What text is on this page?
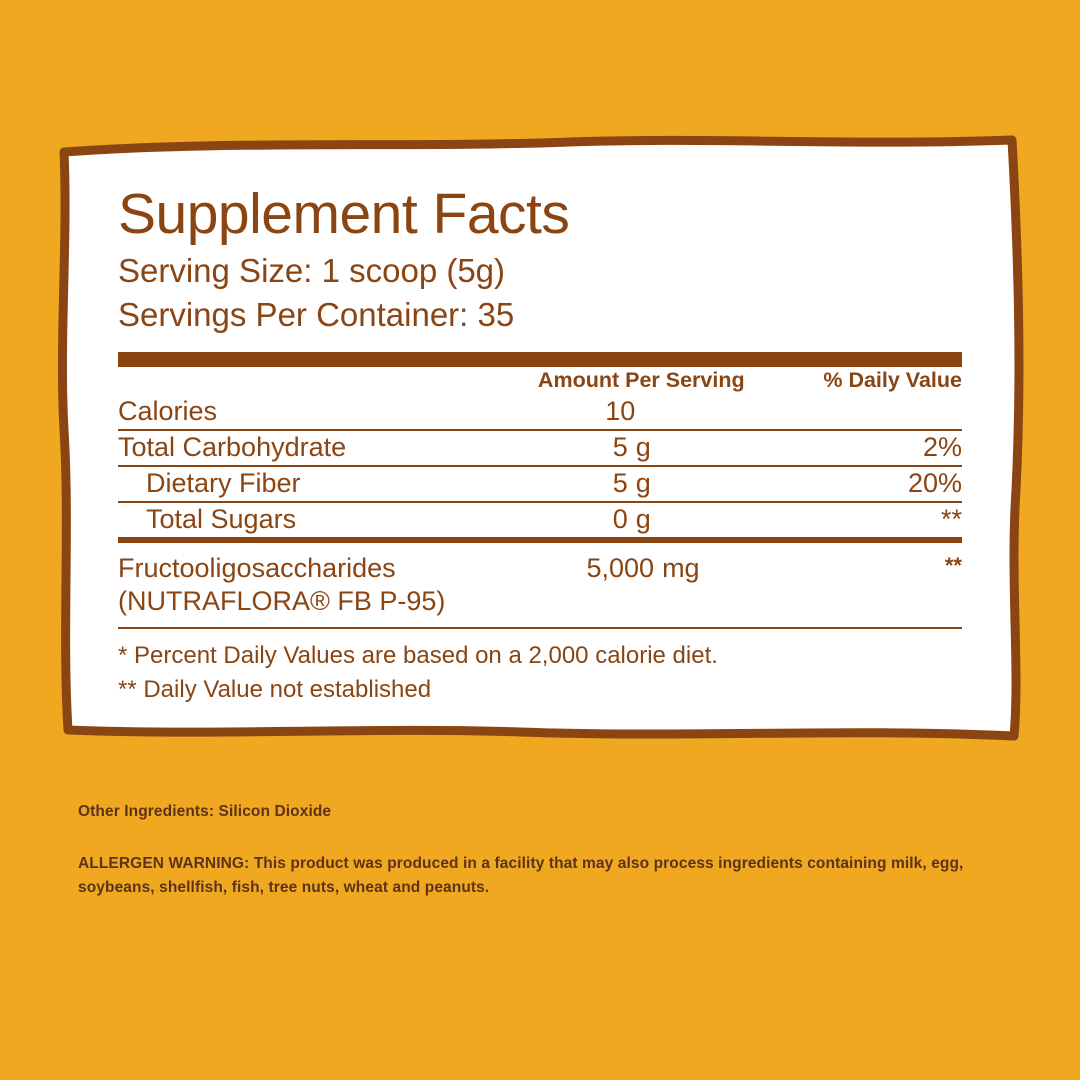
Supplement Facts
Serving Size: 1 scoop (5g)
Servings Per Container: 35
	Amount Per Serving	% Daily Value
Calories	10	
Total Carbohydrate	5 g	2%
Dietary Fiber	5 g	20%
Total Sugars	0 g	**
Fructooligosaccharides	5,000 mg	**
(NUTRAFLORA® FB P-95)
* Percent Daily Values are based on a 2,000 calorie diet.
** Daily Value not established
Other Ingredients: Silicon Dioxide
ALLERGEN WARNING: This product was produced in a facility that may also process ingredients containing milk, egg, soybeans, shellfish, fish, tree nuts, wheat and peanuts.
